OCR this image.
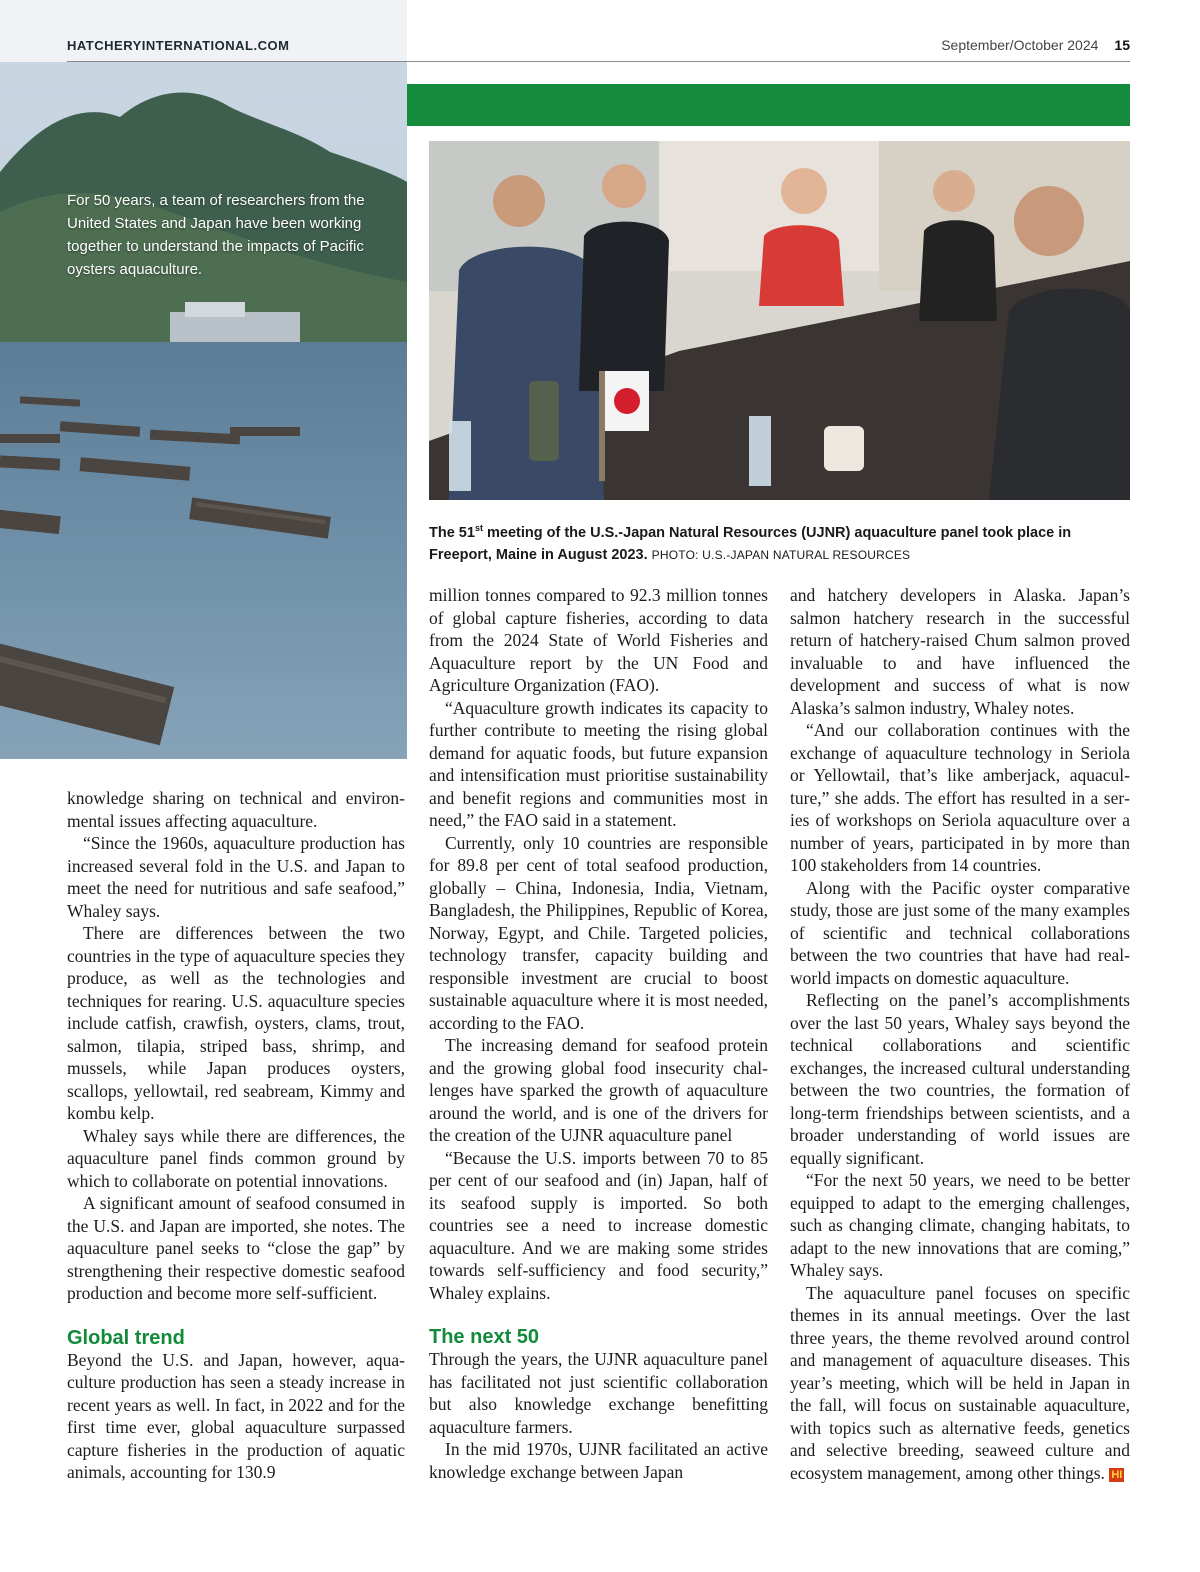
HATCHERYINTERNATIONAL.COM	September/October 2024 15
For 50 years, a team of researchers from the United States and Japan have been working together to understand the impacts of Pacific oysters aquaculture.
The 51st meeting of the U.S.-Japan Natural Resources (UJNR) aquaculture panel took place in Freeport, Maine in August 2023. PHOTO: U.S.-JAPAN NATURAL RESOURCES

knowledge sharing on technical and environmental issues affecting aquaculture.

“Since the 1960s, aquaculture production has increased several fold in the U.S. and Japan to meet the need for nutritious and safe seafood,” Whaley says.

There are differences between the two countries in the type of aquaculture species they produce, as well as the technologies and techniques for rearing. U.S. aquaculture species include catfish, crawfish, oysters, clams, trout, salmon, tilapia, striped bass, shrimp, and mussels, while Japan produces oysters, scallops, yellowtail, red seabream, Kimmy and kombu kelp.

Whaley says while there are differences, the aquaculture panel finds common ground by which to collaborate on potential innovations.

A significant amount of seafood consumed in the U.S. and Japan are imported, she notes. The aquaculture panel seeks to “close the gap” by strengthening their respective domestic seafood production and become more self-sufficient.

Global trend

Beyond the U.S. and Japan, however, aquaculture production has seen a steady increase in recent years as well. In fact, in 2022 and for the first time ever, global aquaculture surpassed capture fisheries in the production of aquatic animals, accounting for 130.9

million tonnes compared to 92.3 million tonnes of global capture fisheries, according to data from the 2024 State of World Fisheries and Aquaculture report by the UN Food and Agriculture Organization (FAO).

“Aquaculture growth indicates its capacity to further contribute to meeting the rising global demand for aquatic foods, but future expansion and intensification must prioritise sustainability and benefit regions and communities most in need,” the FAO said in a statement.

Currently, only 10 countries are responsible for 89.8 per cent of total seafood production, globally – China, Indonesia, India, Vietnam, Bangladesh, the Philippines, Republic of Korea, Norway, Egypt, and Chile. Targeted policies, technology transfer, capacity building and responsible investment are crucial to boost sustainable aquaculture where it is most needed, according to the FAO.

The increasing demand for seafood protein and the growing global food insecurity challenges have sparked the growth of aquaculture around the world, and is one of the drivers for the creation of the UJNR aquaculture panel

“Because the U.S. imports between 70 to 85 per cent of our seafood and (in) Japan, half of its seafood supply is imported. So both countries see a need to increase domestic aquaculture. And we are making some strides towards self-sufficiency and food security,” Whaley explains.

The next 50

Through the years, the UJNR aquaculture panel has facilitated not just scientific collaboration but also knowledge exchange benefitting aquaculture farmers.

In the mid 1970s, UJNR facilitated an active knowledge exchange between Japan

and hatchery developers in Alaska. Japan’s salmon hatchery research in the successful return of hatchery-raised Chum salmon proved invaluable to and have influenced the development and success of what is now Alaska’s salmon industry, Whaley notes.

“And our collaboration continues with the exchange of aquaculture technology in Seriola or Yellowtail, that’s like amberjack, aquaculture,” she adds. The effort has resulted in a series of workshops on Seriola aquaculture over a number of years, participated in by more than 100 stakeholders from 14 countries.

Along with the Pacific oyster comparative study, those are just some of the many examples of scientific and technical collaborations between the two countries that have had real-world impacts on domestic aquaculture.

Reflecting on the panel’s accomplishments over the last 50 years, Whaley says beyond the technical collaborations and scientific exchanges, the increased cultural understanding between the two countries, the formation of long-term friendships between scientists, and a broader understanding of world issues are equally significant.

“For the next 50 years, we need to be better equipped to adapt to the emerging challenges, such as changing climate, changing habitats, to adapt to the new innovations that are coming,” Whaley says.

The aquaculture panel focuses on specific themes in its annual meetings. Over the last three years, the theme revolved around control and management of aquaculture diseases. This year’s meeting, which will be held in Japan in the fall, will focus on sustainable aquaculture, with topics such as alternative feeds, genetics and selective breeding, seaweed culture and ecosystem management, among other things. HI
